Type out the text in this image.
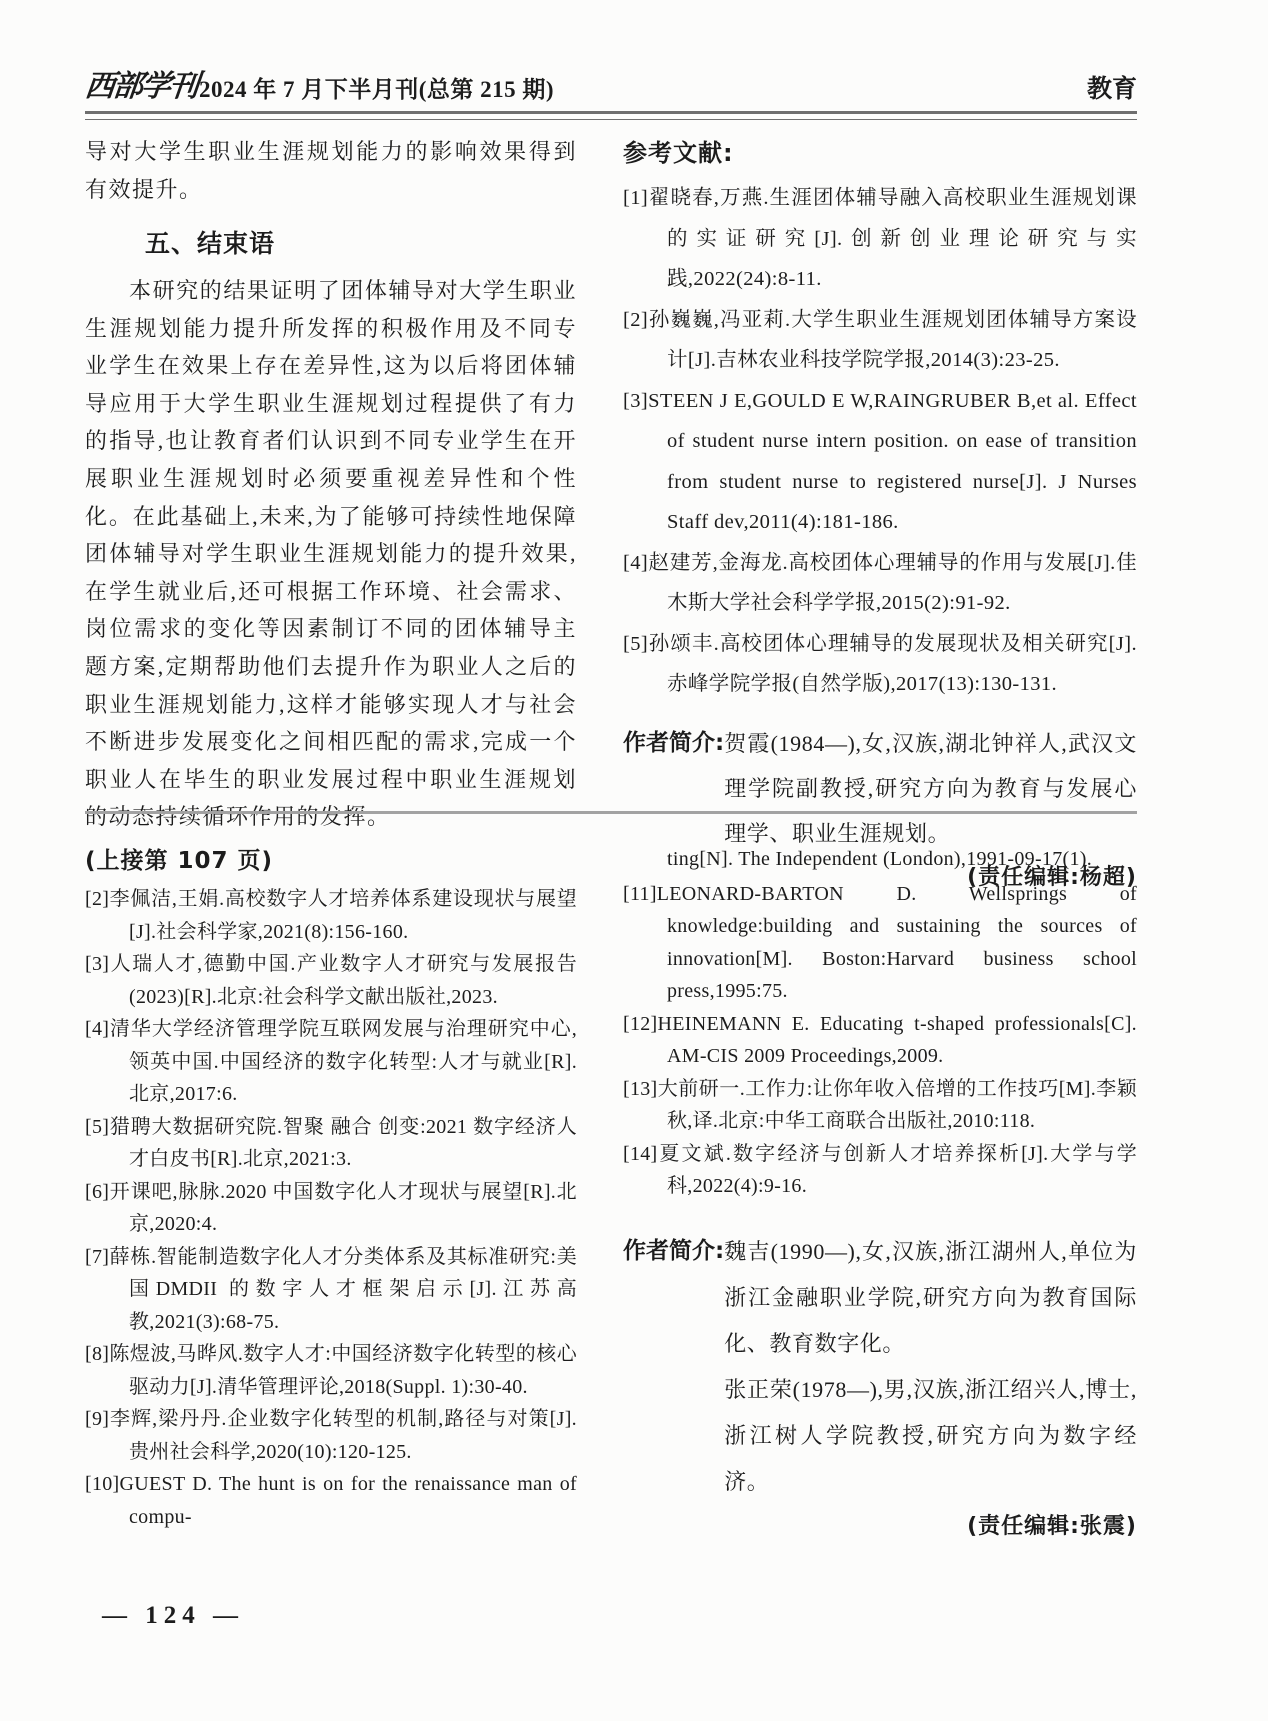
西部学刊 2024 年 7 月下半月刊(总第 215 期)	教育

导对大学生职业生涯规划能力的影响效果得到有效提升。

五、结束语

本研究的结果证明了团体辅导对大学生职业生涯规划能力提升所发挥的积极作用及不同专业学生在效果上存在差异性,这为以后将团体辅导应用于大学生职业生涯规划过程提供了有力的指导,也让教育者们认识到不同专业学生在开展职业生涯规划时必须要重视差异性和个性化。在此基础上,未来,为了能够可持续性地保障团体辅导对学生职业生涯规划能力的提升效果,在学生就业后,还可根据工作环境、社会需求、岗位需求的变化等因素制订不同的团体辅导主题方案,定期帮助他们去提升作为职业人之后的职业生涯规划能力,这样才能够实现人才与社会不断进步发展变化之间相匹配的需求,完成一个职业人在毕生的职业发展过程中职业生涯规划的动态持续循环作用的发挥。

参考文献:

[1]翟晓春,万燕.生涯团体辅导融入高校职业生涯规划课的实证研究[J].创新创业理论研究与实践,2022(24):8-11.

[2]孙巍巍,冯亚莉.大学生职业生涯规划团体辅导方案设计[J].吉林农业科技学院学报,2014(3):23-25.

[3]STEEN J E,GOULD E W,RAINGRUBER B,et al. Effect of student nurse intern position. on ease of transition from student nurse to registered nurse[J]. J Nurses Staff dev,2011(4):181-186.

[4]赵建芳,金海龙.高校团体心理辅导的作用与发展[J].佳木斯大学社会科学学报,2015(2):91-92.

[5]孙颂丰.高校团体心理辅导的发展现状及相关研究[J].赤峰学院学报(自然学版),2017(13):130-131.

作者简介: 贺霞(1984—),女,汉族,湖北钟祥人,武汉文理学院副教授,研究方向为教育与发展心理学、职业生涯规划。

(责任编辑:杨超)

(上接第 107 页)

[2]李佩洁,王娟.高校数字人才培养体系建设现状与展望[J].社会科学家,2021(8):156-160.

[3]人瑞人才,德勤中国.产业数字人才研究与发展报告(2023)[R].北京:社会科学文献出版社,2023.

[4]清华大学经济管理学院互联网发展与治理研究中心,领英中国.中国经济的数字化转型:人才与就业[R].北京,2017:6.

[5]猎聘大数据研究院.智聚 融合 创变:2021 数字经济人才白皮书[R].北京,2021:3.

[6]开课吧,脉脉.2020 中国数字化人才现状与展望[R].北京,2020:4.

[7]薛栋.智能制造数字化人才分类体系及其标准研究:美国DMDII 的数字人才框架启示[J].江苏高教,2021(3):68-75.

[8]陈煜波,马晔风.数字人才:中国经济数字化转型的核心驱动力[J].清华管理评论,2018(Suppl. 1):30-40.

[9]李辉,梁丹丹.企业数字化转型的机制,路径与对策[J].贵州社会科学,2020(10):120-125.

[10]GUEST D. The hunt is on for the renaissance man of compu-

ting[N]. The Independent (London),1991-09-17(1).

[11]LEONARD-BARTON D. Wellsprings of knowledge:building and sustaining the sources of innovation[M]. Boston:Harvard business school press,1995:75.

[12]HEINEMANN E. Educating t-shaped professionals[C]. AM-CIS 2009 Proceedings,2009.

[13]大前研一.工作力:让你年收入倍增的工作技巧[M].李颖秋,译.北京:中华工商联合出版社,2010:118.

[14]夏文斌.数字经济与创新人才培养探析[J].大学与学科,2022(4):9-16.

作者简介: 魏吉(1990—),女,汉族,浙江湖州人,单位为浙江金融职业学院,研究方向为教育国际化、教育数字化。

张正荣(1978—),男,汉族,浙江绍兴人,博士,浙江树人学院教授,研究方向为数字经济。

(责任编辑:张震)
— 124 —
